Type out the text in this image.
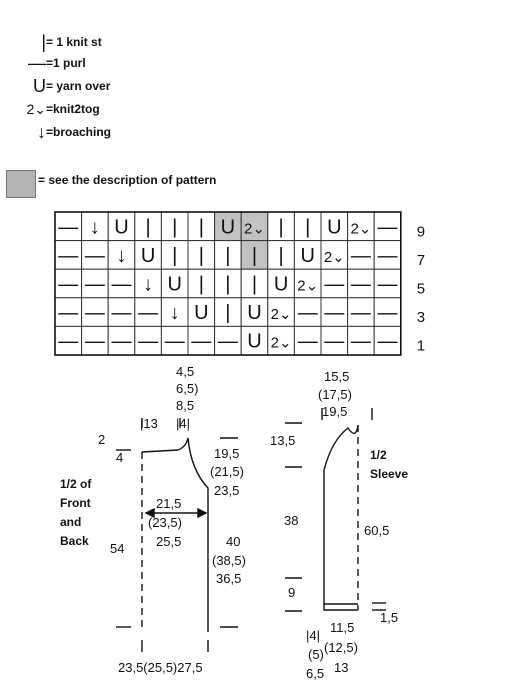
| = 1 knit st
— =1 purl
U = yarn over
2⌄ =knit2tog
↓ =broaching
= see the description of pattern
— ↓ U | | | U 2⌄ | | U 2⌄ — 9
— — ↓ U | | | | | U 2⌄ — — 7
— — — ↓ U | | | U 2⌄ — — — 5
— — — — ↓ U | U 2⌄ — — — — 3
— — — — — — — U 2⌄ — — — — 1
1/2 of
Front
and
Back
4,5
6,5)
8,5
|13 |4|
2
4	19,5
(21,5)
23,5
21,5
(23,5)
25,5
54	40
(38,5)
36,5
23,5(25,5)27,5
1/2
Sleeve
15,5
(17,5)
19,5
13,5
38
9
60,5
1,5
|4|
(5)
6,5
11,5
(12,5)
13
